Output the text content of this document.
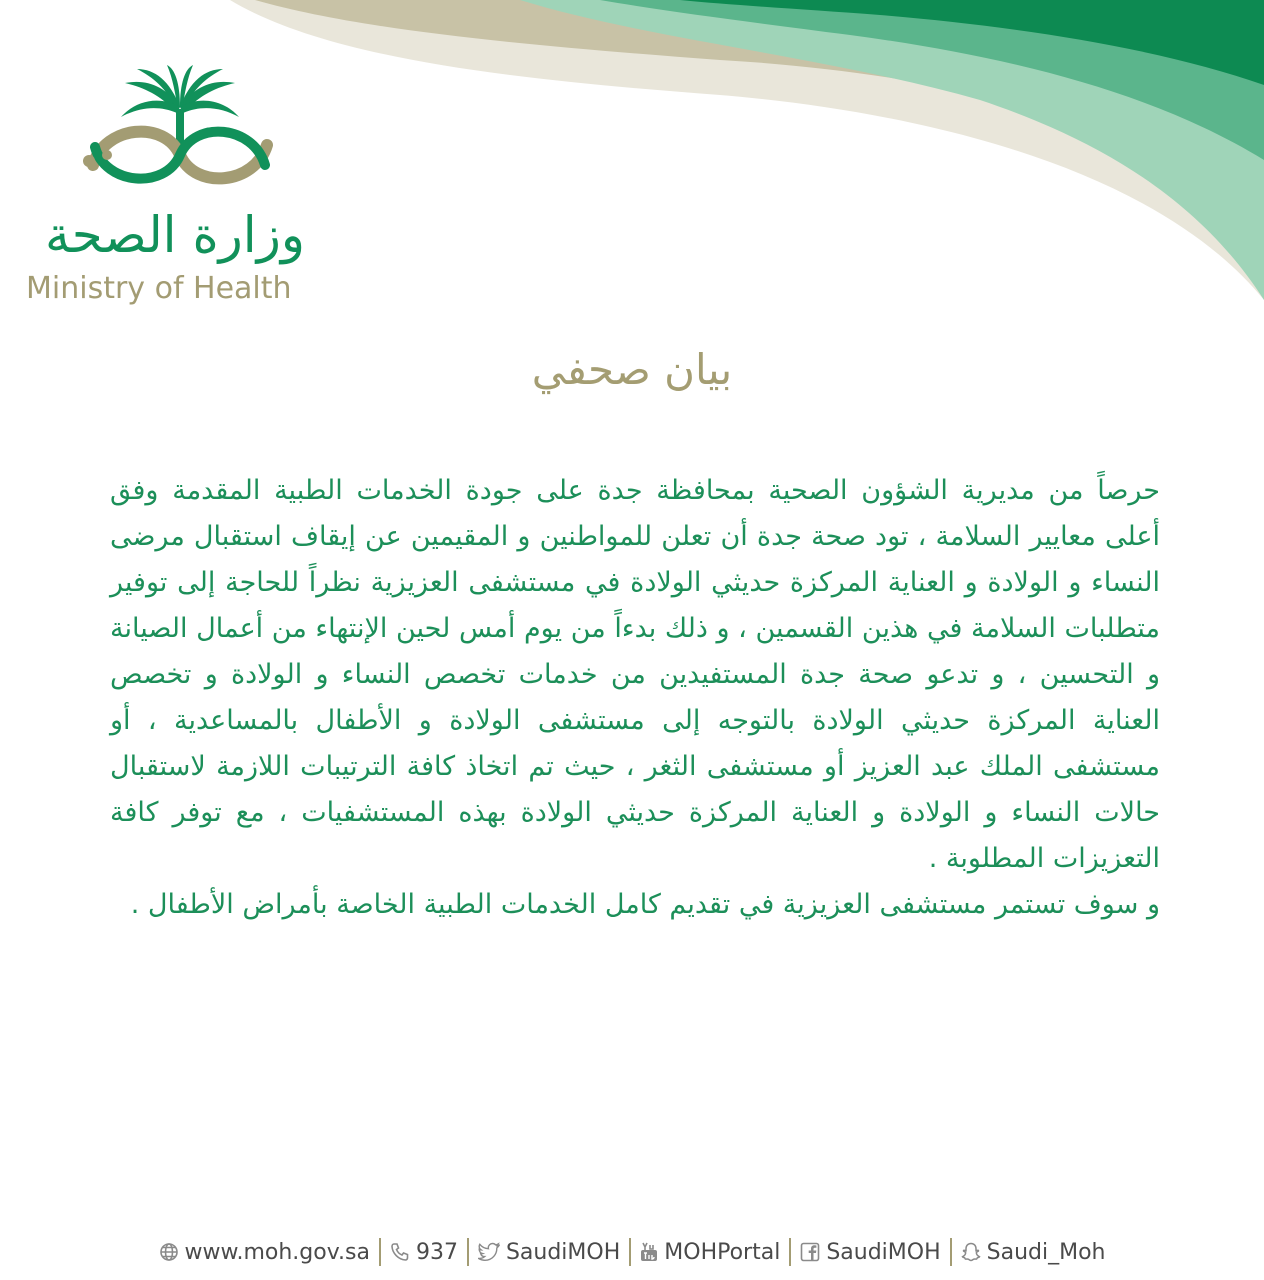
وزارة الصحة
Ministry of Health
بيان صحفي

حرصاً من مديرية الشؤون الصحية بمحافظة جدة على جودة الخدمات الطبية المقدمة وفق أعلى معايير السلامة ، تود صحة جدة أن تعلن للمواطنين و المقيمين عن إيقاف استقبال مرضى النساء و الولادة و العناية المركزة حديثي الولادة في مستشفى العزيزية نظراً للحاجة إلى توفير متطلبات السلامة في هذين القسمين ، و ذلك بدءاً من يوم أمس لحين الإنتهاء من أعمال الصيانة و التحسين ، و تدعو صحة جدة المستفيدين من خدمات تخصص النساء و الولادة و تخصص العناية المركزة حديثي الولادة بالتوجه إلى مستشفى الولادة و الأطفال بالمساعدية ، أو مستشفى الملك عبد العزيز أو مستشفى الثغر ، حيث تم اتخاذ كافة الترتيبات اللازمة لاستقبال حالات النساء و الولادة و العناية المركزة حديثي الولادة بهذه المستشفيات ، مع توفر كافة التعزيزات المطلوبة .

و سوف تستمر مستشفى العزيزية في تقديم كامل الخدمات الطبية الخاصة بأمراض الأطفال .

www.moh.gov.sa 937 SaudiMOH MOHPortal SaudiMOH Saudi_Moh
